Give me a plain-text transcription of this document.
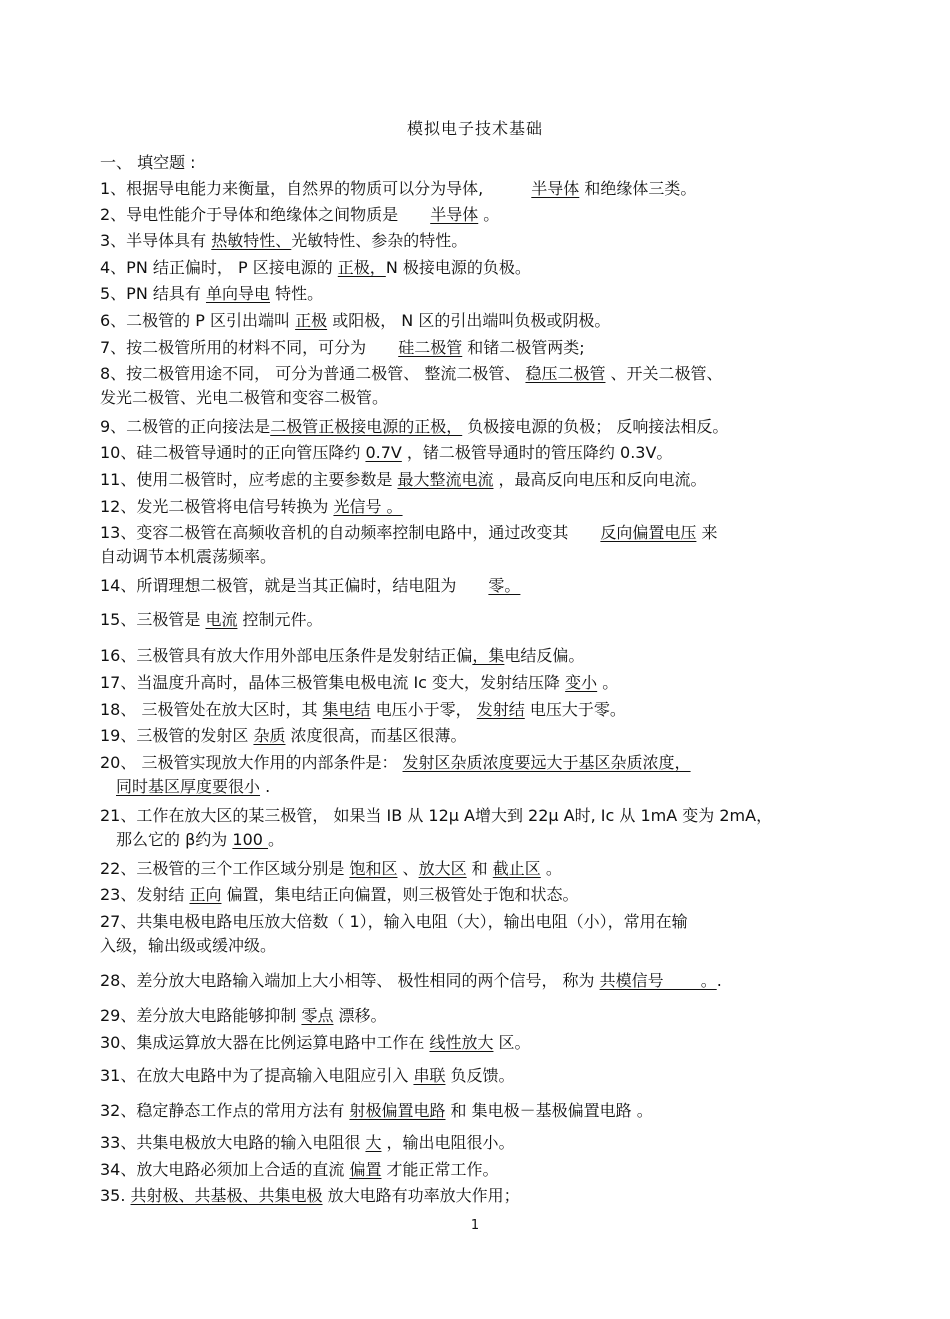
模拟电子技术基础
一、 填空题 :
1、根据导电能力来衡量，自然界的物质可以分为导体,　　　	半导体 和绝缘体三类。
2、导电性能介于导体和绝缘体之间物质是　　 半导体 。
3、半导体具有 热敏特性、光敏特性、参杂的特性。
4、PN 结正偏时， P 区接电源的 正极，N 极接电源的负极。
5、PN 结具有 单向导电 特性。
6、二极管的 P 区引出端叫 正极 或阳极， N 区的引出端叫负极或阴极。
7、按二极管所用的材料不同，可分为　　 硅二极管 和锗二极管两类;
8、按二极管用途不同， 可分为普通二极管、 整流二极管、 稳压二极管 、开关二极管、
发光二极管、光电二极管和变容二极管。
9、二极管的正向接法是二极管正极接电源的正极， 负极接电源的负极； 反响接法相反。
10、硅二极管导通时的正向管压降约 0.7V ，锗二极管导通时的管压降约 0.3V。
11、使用二极管时，应考虑的主要参数是 最大整流电流 ，最高反向电压和反向电流。
12、发光二极管将电信号转换为 光信号 。
13、变容二极管在高频收音机的自动频率控制电路中，通过改变其　　 反向偏置电压 来
自动调节本机震荡频率。
14、所谓理想二极管，就是当其正偏时，结电阻为　　 零。
15、三极管是 电流 控制元件。
16、三极管具有放大作用外部电压条件是发射结正偏，集电结反偏。
17、当温度升高时，晶体三极管集电极电流 Ic 变大，发射结压降 变小 。
18、 三极管处在放大区时，其 集电结 电压小于零， 发射结 电压大于零。
19、三极管的发射区 杂质 浓度很高，而基区很薄。
20、 三极管实现放大作用的内部条件是： 发射区杂质浓度要远大于基区杂质浓度，
　同时基区厚度要很小 .
21、工作在放大区的某三极管， 如果当 IB 从 12μ A增大到 22μ A时, Ic 从 1mA 变为 2mA，
　那么它的 β约为 100 。
22、三极管的三个工作区域分别是 饱和区 、放大区 和 截止区 。
23、发射结 正向 偏置，集电结正向偏置，则三极管处于饱和状态。
27、共集电极电路电压放大倍数（ 1），输入电阻（大），输出电阻（小），常用在输
入级，输出级或缓冲级。
28、差分放大电路输入端加上大小相等、 极性相同的两个信号， 称为 共模信号　　 。.
29、差分放大电路能够抑制 零点 漂移。
30、集成运算放大器在比例运算电路中工作在 线性放大 区。
31、在放大电路中为了提高输入电阻应引入 串联 负反馈。
32、稳定静态工作点的常用方法有 射极偏置电路 和 集电极－基极偏置电路 。
33、共集电极放大电路的输入电阻很 大 ，输出电阻很小。
34、放大电路必须加上合适的直流 偏置 才能正常工作。
35. 共射极、共基极、共集电极 放大电路有功率放大作用；
1
